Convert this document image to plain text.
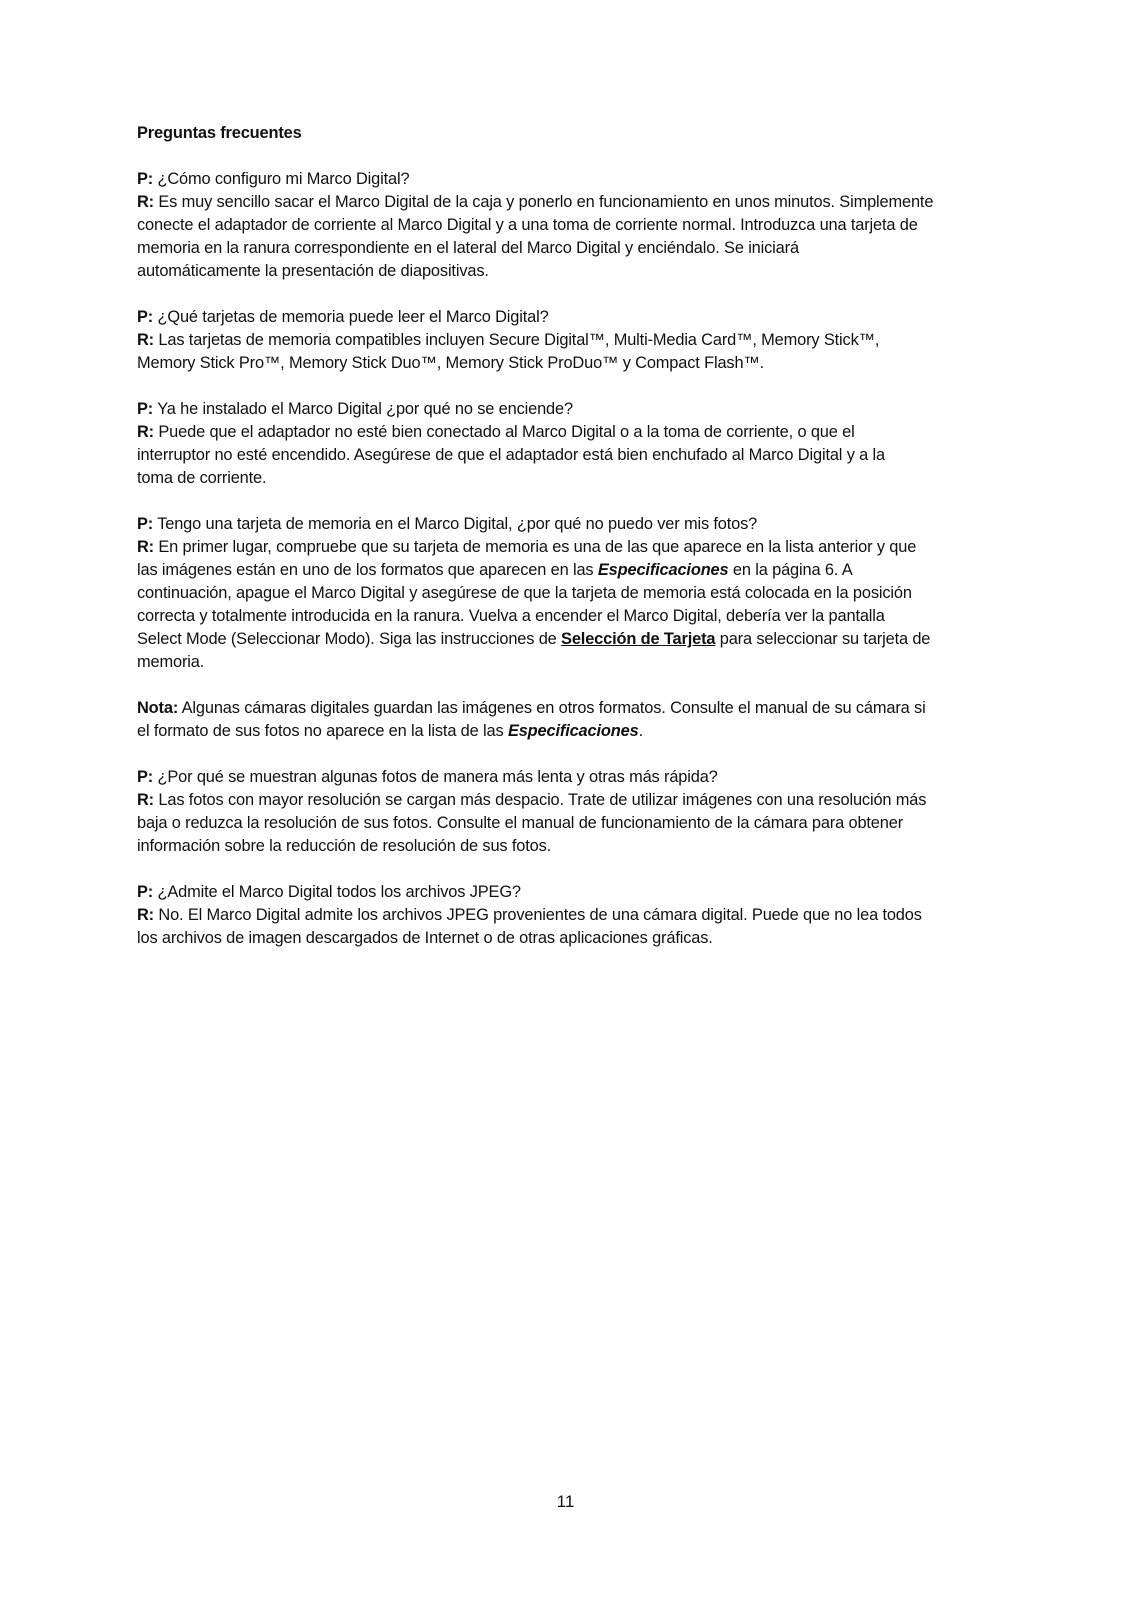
Preguntas frecuentes
P: ¿Cómo configuro mi Marco Digital?
R: Es muy sencillo sacar el Marco Digital de la caja y ponerlo en funcionamiento en unos minutos. Simplemente
conecte el adaptador de corriente al Marco Digital y a una toma de corriente normal. Introduzca una tarjeta de
memoria en la ranura correspondiente en el lateral del Marco Digital y enciéndalo. Se iniciará
automáticamente la presentación de diapositivas.
P: ¿Qué tarjetas de memoria puede leer el Marco Digital?
R: Las tarjetas de memoria compatibles incluyen Secure Digital™, Multi-Media Card™, Memory Stick™,
Memory Stick Pro™, Memory Stick Duo™, Memory Stick ProDuo™ y Compact Flash™.
P: Ya he instalado el Marco Digital ¿por qué no se enciende?
R: Puede que el adaptador no esté bien conectado al Marco Digital o a la toma de corriente, o que el
interruptor no esté encendido. Asegúrese de que el adaptador está bien enchufado al Marco Digital y a la
toma de corriente.
P: Tengo una tarjeta de memoria en el Marco Digital, ¿por qué no puedo ver mis fotos?
R: En primer lugar, compruebe que su tarjeta de memoria es una de las que aparece en la lista anterior y que
las imágenes están en uno de los formatos que aparecen en las Especificaciones en la página 6. A
continuación, apague el Marco Digital y asegúrese de que la tarjeta de memoria está colocada en la posición
correcta y totalmente introducida en la ranura. Vuelva a encender el Marco Digital, debería ver la pantalla
Select Mode (Seleccionar Modo). Siga las instrucciones de Selección de Tarjeta para seleccionar su tarjeta de
memoria.
Nota: Algunas cámaras digitales guardan las imágenes en otros formatos. Consulte el manual de su cámara si
el formato de sus fotos no aparece en la lista de las Especificaciones.
P: ¿Por qué se muestran algunas fotos de manera más lenta y otras más rápida?
R: Las fotos con mayor resolución se cargan más despacio. Trate de utilizar imágenes con una resolución más
baja o reduzca la resolución de sus fotos. Consulte el manual de funcionamiento de la cámara para obtener
información sobre la reducción de resolución de sus fotos.
P: ¿Admite el Marco Digital todos los archivos JPEG?
R: No. El Marco Digital admite los archivos JPEG provenientes de una cámara digital. Puede que no lea todos
los archivos de imagen descargados de Internet o de otras aplicaciones gráficas.
11
